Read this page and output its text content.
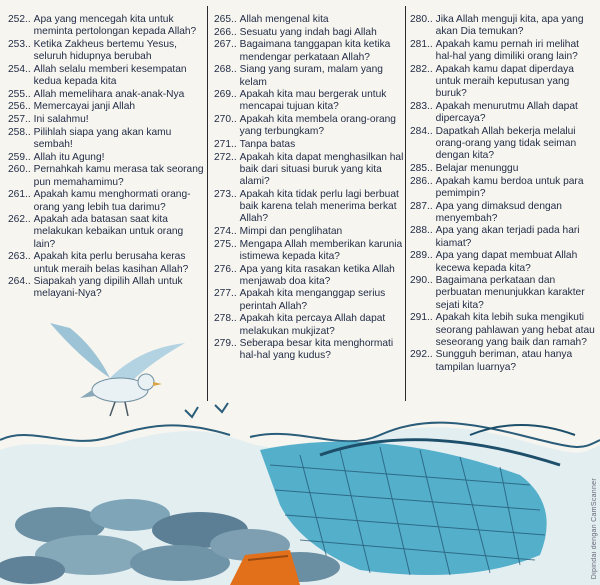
252.. Apa yang mencegah kita untuk meminta pertolongan kepada Allah?
253.. Ketika Zakheus bertemu Yesus, seluruh hidupnya berubah
254.. Allah selalu memberi kesempatan kedua kepada kita
255.. Allah memelihara anak-anak-Nya
256.. Memercayai janji Allah
257.. Ini salahmu!
258.. Pilihlah siapa yang akan kamu sembah!
259.. Allah itu Agung!
260.. Pernahkah kamu merasa tak seorang pun memahamimu?
261.. Apakah kamu menghormati orang-orang yang lebih tua darimu?
262.. Apakah ada batasan saat kita melakukan kebaikan untuk orang lain?
263.. Apakah kita perlu berusaha keras untuk meraih belas kasihan Allah?
264.. Siapakah yang dipilih Allah untuk melayani-Nya?
265.. Allah mengenal kita
266.. Sesuatu yang indah bagi Allah
267.. Bagaimana tanggapan kita ketika mendengar perkataan Allah?
268.. Siang yang suram, malam yang kelam
269.. Apakah kita mau bergerak untuk mencapai tujuan kita?
270.. Apakah kita membela orang-orang yang terbungkam?
271.. Tanpa batas
272.. Apakah kita dapat menghasilkan hal baik dari situasi buruk yang kita alami?
273.. Apakah kita tidak perlu lagi berbuat baik karena telah menerima berkat Allah?
274.. Mimpi dan penglihatan
275.. Mengapa Allah memberikan karunia istimewa kepada kita?
276.. Apa yang kita rasakan ketika Allah menjawab doa kita?
277.. Apakah kita menganggap serius perintah Allah?
278.. Apakah kita percaya Allah dapat melakukan mukjizat?
279.. Seberapa besar kita menghormati hal-hal yang kudus?
280.. Jika Allah menguji kita, apa yang akan Dia temukan?
281.. Apakah kamu pernah iri melihat hal-hal yang dimiliki orang lain?
282.. Apakah kamu dapat diperdaya untuk meraih keputusan yang buruk?
283.. Apakah menurutmu Allah dapat dipercaya?
284.. Dapatkah Allah bekerja melalui orang-orang yang tidak seiman dengan kita?
285.. Belajar menunggu
286.. Apakah kamu berdoa untuk para pemimpin?
287.. Apa yang dimaksud dengan menyembah?
288.. Apa yang akan terjadi pada hari kiamat?
289.. Apa yang dapat membuat Allah kecewa kepada kita?
290.. Bagaimana perkataan dan perbuatan menunjukkan karakter sejati kita?
291.. Apakah kita lebih suka mengikuti seorang pahlawan yang hebat atau seseorang yang baik dan ramah?
292.. Sungguh beriman, atau hanya tampilan luarnya?
Dipindai dengan CamScanner
